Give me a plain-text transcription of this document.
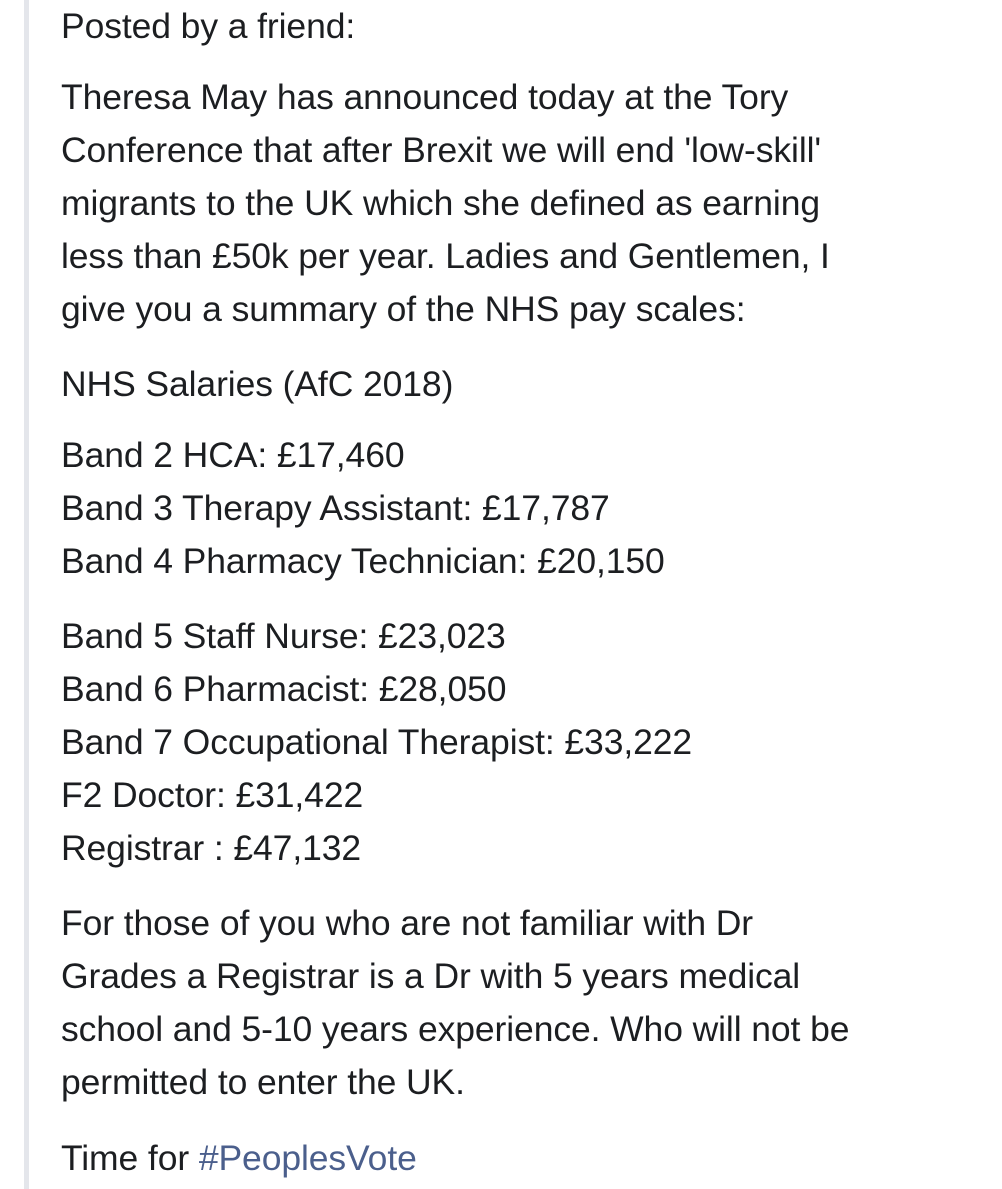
Posted by a friend:

Theresa May has announced today at the Tory
Conference that after Brexit we will end 'low-skill'
migrants to the UK which she defined as earning
less than £50k per year. Ladies and Gentlemen, I
give you a summary of the NHS pay scales:

NHS Salaries (AfC 2018)

Band 2 HCA: £17,460
Band 3 Therapy Assistant: £17,787
Band 4 Pharmacy Technician: £20,150

Band 5 Staff Nurse: £23,023
Band 6 Pharmacist: £28,050
Band 7 Occupational Therapist: £33,222
F2 Doctor: £31,422
Registrar : £47,132

For those of you who are not familiar with Dr
Grades a Registrar is a Dr with 5 years medical
school and 5-10 years experience. Who will not be
permitted to enter the UK.

Time for #PeoplesVote
